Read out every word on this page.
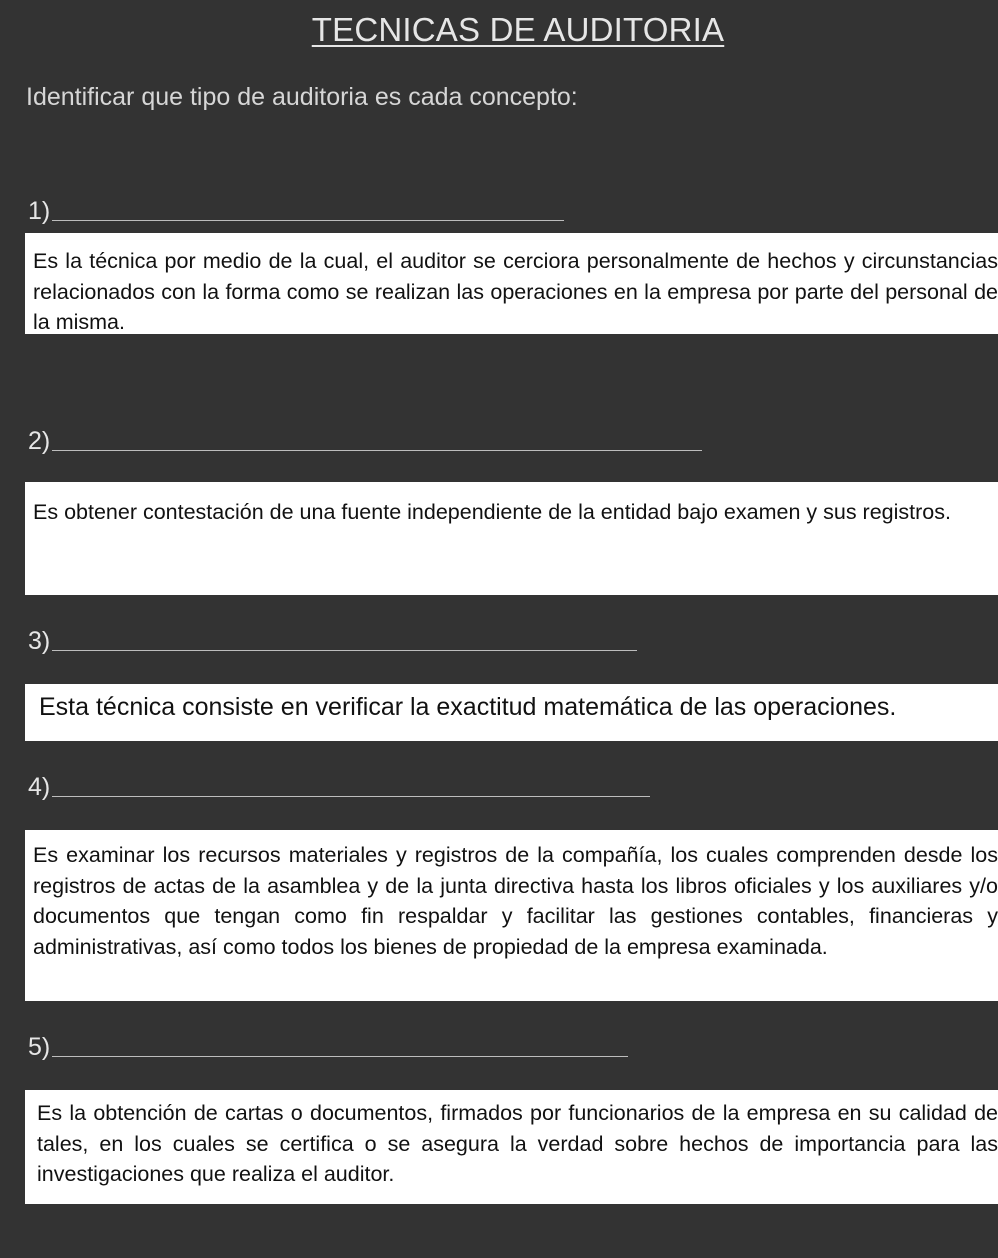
TECNICAS DE AUDITORIA
Identificar que tipo de auditoria es cada concepto:
1)
Es la técnica por medio de la cual, el auditor se cerciora personalmente de hechos y circunstancias relacionados con la forma como se realizan las operaciones en la empresa por parte del personal de la misma.
2)
Es obtener contestación de una fuente independiente de la entidad bajo examen y sus registros.
3)
Esta técnica consiste en verificar la exactitud matemática de las operaciones.
4)
Es examinar los recursos materiales y registros de la compañía, los cuales comprenden desde los registros de actas de la asamblea y de la junta directiva hasta los libros oficiales y los auxiliares y/o documentos que tengan como fin respaldar y facilitar las gestiones contables, financieras y administrativas, así como todos los bienes de propiedad de la empresa examinada.
5)
Es la obtención de cartas o documentos, firmados por funcionarios de la empresa en su calidad de tales, en los cuales se certifica o se asegura la verdad sobre hechos de importancia para las investigaciones que realiza el auditor.
